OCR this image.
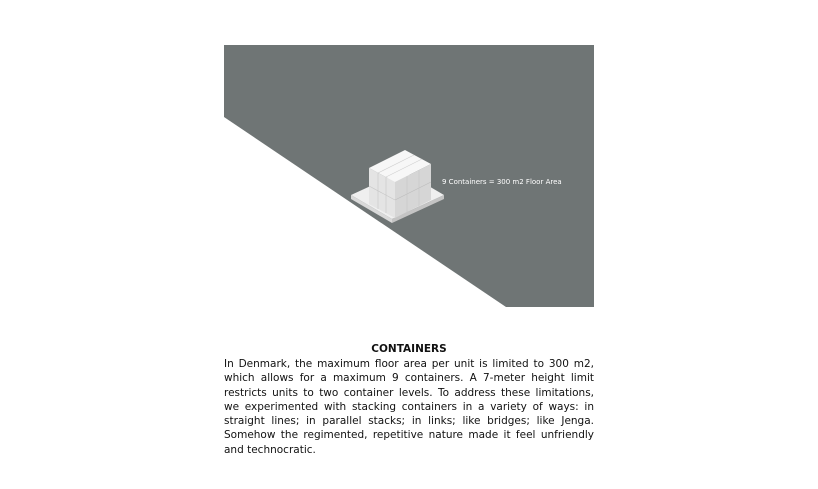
9 Containers = 300 m2 Floor Area
CONTAINERS

In Denmark, the maximum floor area per unit is limited to 300 m2, which allows for a maximum 9 containers. A 7-meter height limit restricts units to two container levels. To address these limitations, we experimented with stacking containers in a variety of ways: in straight lines; in parallel stacks; in links; like bridges; like Jenga. Somehow the regimented, repetitive nature made it feel unfriendly and technocratic.
